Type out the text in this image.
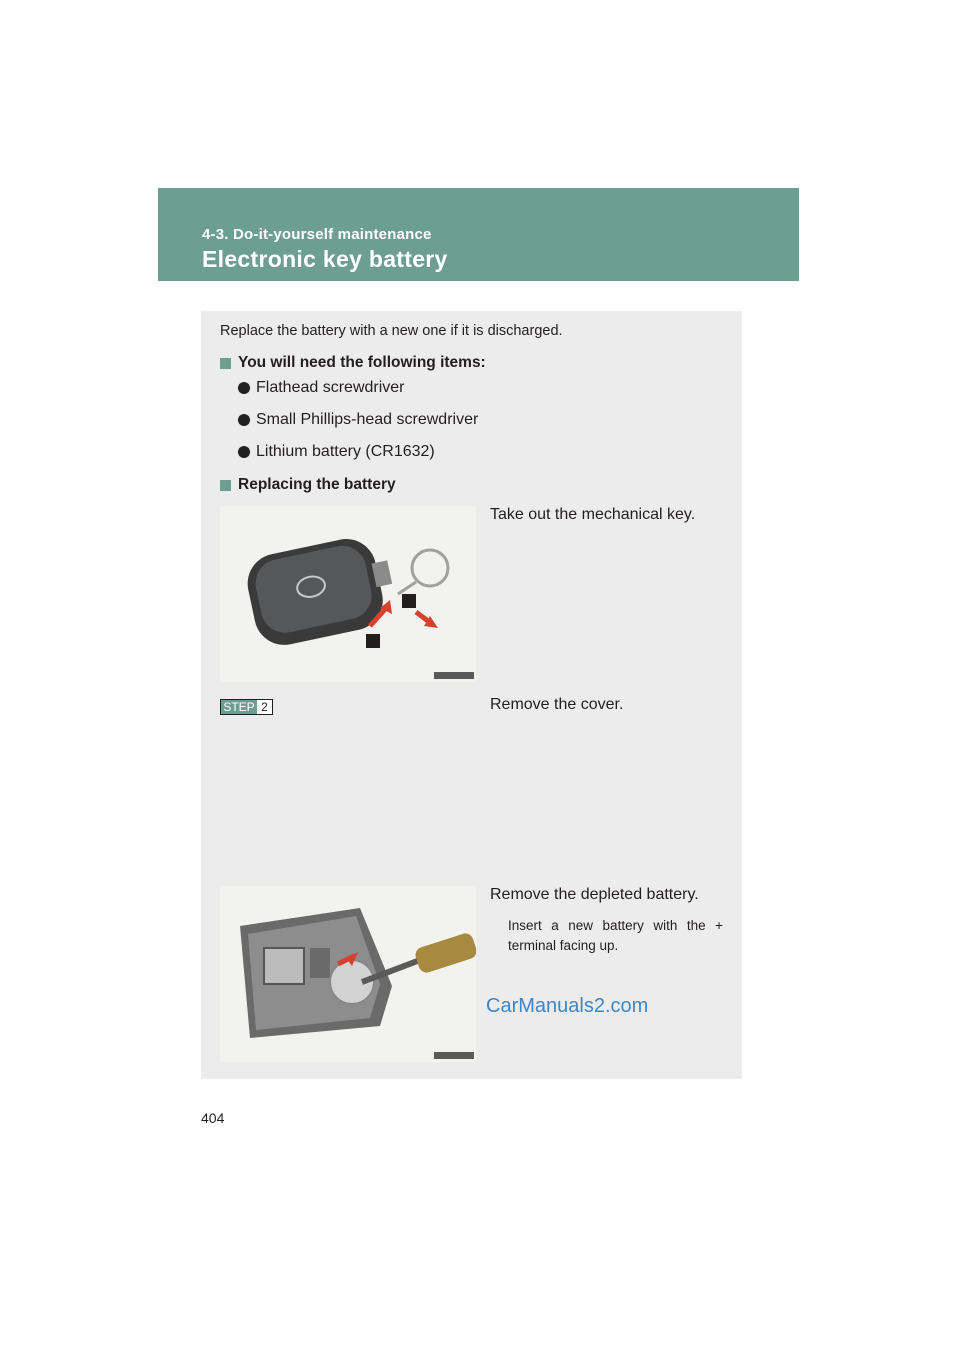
4-3. Do-it-yourself maintenance
Electronic key battery
Replace the battery with a new one if it is discharged.
You will need the following items:
Flathead screwdriver
Small Phillips-head screwdriver
Lithium battery (CR1632)
Replacing the battery
Take out the mechanical key.
STEP 2	Remove the cover.
Remove the depleted battery.
Insert a new battery with the + terminal facing up.
CarManuals2.com
404
